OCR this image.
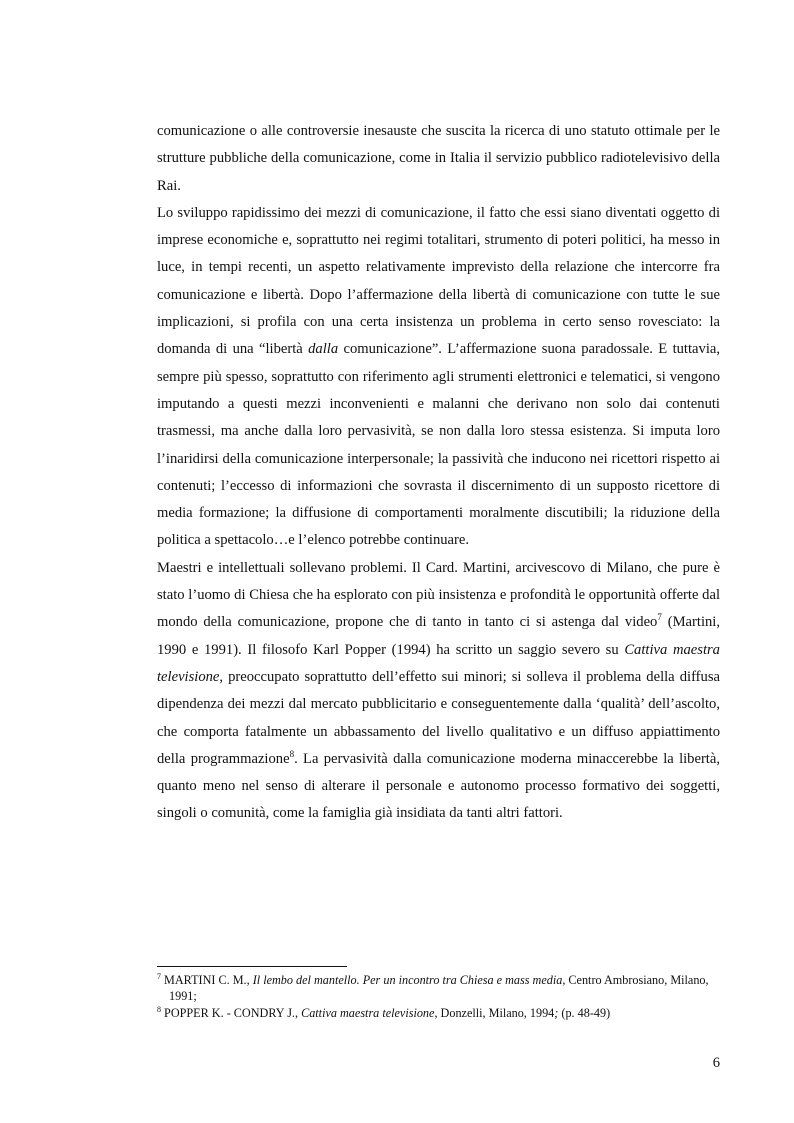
comunicazione o alle controversie inesauste che suscita la ricerca di uno statuto ottimale per le strutture pubbliche della comunicazione, come in Italia il servizio pubblico radiotelevisivo della Rai.

Lo sviluppo rapidissimo dei mezzi di comunicazione, il fatto che essi siano diventati oggetto di imprese economiche e, soprattutto nei regimi totalitari, strumento di poteri politici, ha messo in luce, in tempi recenti, un aspetto relativamente imprevisto della relazione che intercorre fra comunicazione e libertà. Dopo l’affermazione della libertà di comunicazione con tutte le sue implicazioni, si profila con una certa insistenza un problema in certo senso rovesciato: la domanda di una “libertà dalla comunicazione”. L’affermazione suona paradossale. E tuttavia, sempre più spesso, soprattutto con riferimento agli strumenti elettronici e telematici, si vengono imputando a questi mezzi inconvenienti e malanni che derivano non solo dai contenuti trasmessi, ma anche dalla loro pervasività, se non dalla loro stessa esistenza. Si imputa loro l’inaridirsi della comunicazione interpersonale; la passività che inducono nei ricettori rispetto ai contenuti; l’eccesso di informazioni che sovrasta il discernimento di un supposto ricettore di media formazione; la diffusione di comportamenti moralmente discutibili; la riduzione della politica a spettacolo…e l’elenco potrebbe continuare.

Maestri e intellettuali sollevano problemi. Il Card. Martini, arcivescovo di Milano, che pure è stato l’uomo di Chiesa che ha esplorato con più insistenza e profondità le opportunità offerte dal mondo della comunicazione, propone che di tanto in tanto ci si astenga dal video$^7$ (Martini, 1990 e 1991). Il filosofo Karl Popper (1994) ha scritto un saggio severo su Cattiva maestra televisione, preoccupato soprattutto dell’effetto sui minori; si solleva il problema della diffusa dipendenza dei mezzi dal mercato pubblicitario e conseguentemente dalla ‘qualità’ dell’ascolto, che comporta fatalmente un abbassamento del livello qualitativo e un diffuso appiattimento della programmazione$^8$. La pervasività dalla comunicazione moderna minaccerebbe la libertà, quanto meno nel senso di alterare il personale e autonomo processo formativo dei soggetti, singoli o comunità, come la famiglia già insidiata da tanti altri fattori.

$^7$ MARTINI C. M., Il lembo del mantello. Per un incontro tra Chiesa e mass media, Centro Ambrosiano, Milano, 1991;

$^8$ POPPER K. - CONDRY J., Cattiva maestra televisione, Donzelli, Milano, 1994; (p. 48-49)

6
